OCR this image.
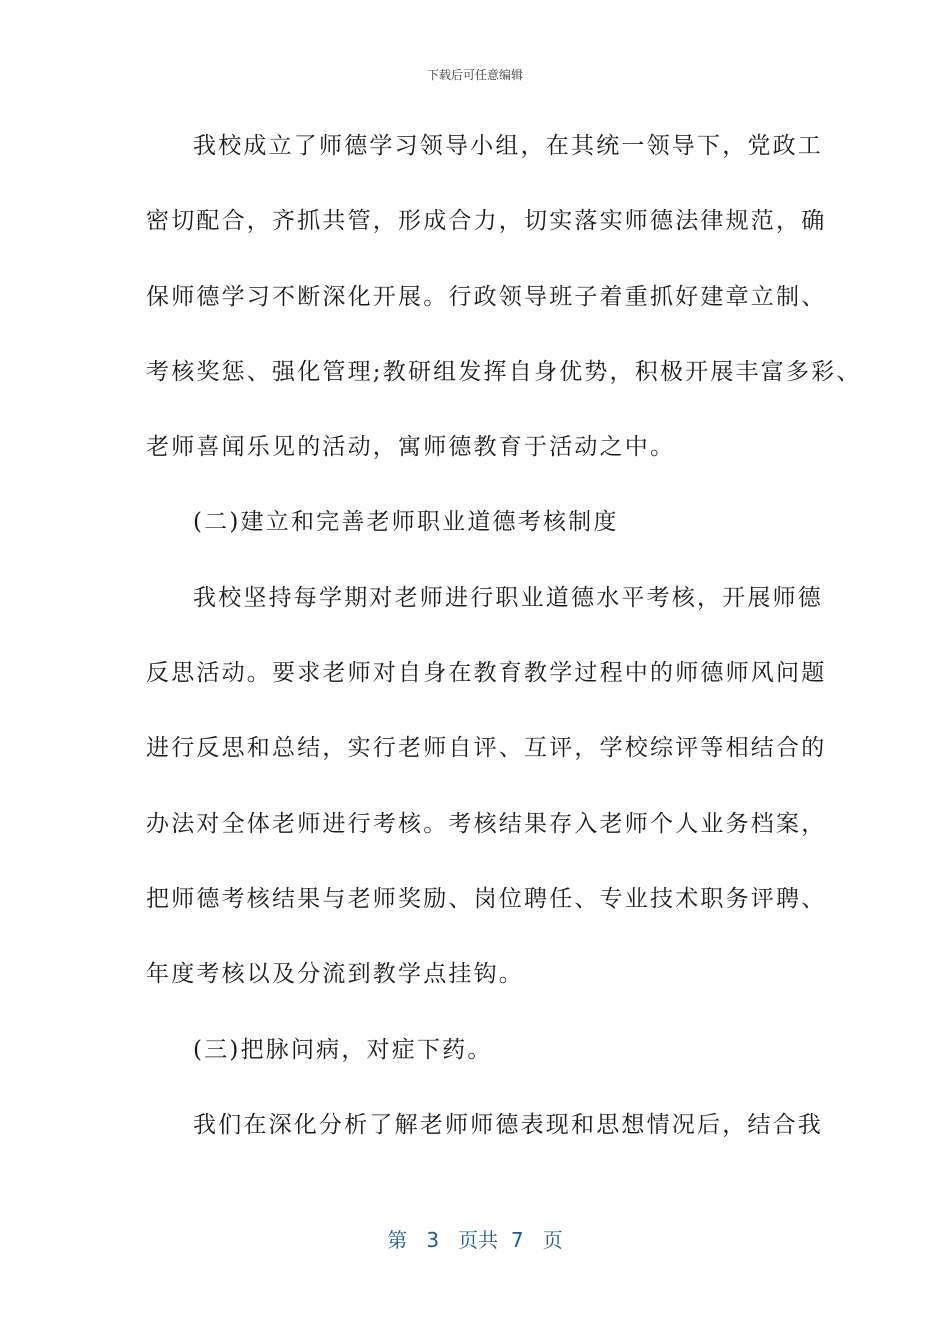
下载后可任意编辑
我校成立了师德学习领导小组，在其统一领导下，党政工
密切配合，齐抓共管，形成合力，切实落实师德法律规范，确
保师德学习不断深化开展。行政领导班子着重抓好建章立制、
考核奖惩、强化管理;教研组发挥自身优势，积极开展丰富多彩、
老师喜闻乐见的活动，寓师德教育于活动之中。
(二)建立和完善老师职业道德考核制度
我校坚持每学期对老师进行职业道德水平考核，开展师德
反思活动。要求老师对自身在教育教学过程中的师德师风问题
进行反思和总结，实行老师自评、互评，学校综评等相结合的
办法对全体老师进行考核。考核结果存入老师个人业务档案，
把师德考核结果与老师奖励、岗位聘任、专业技术职务评聘、
年度考核以及分流到教学点挂钩。
(三)把脉问病，对症下药。
我们在深化分析了解老师师德表现和思想情况后，结合我
第 3 页共 7 页
